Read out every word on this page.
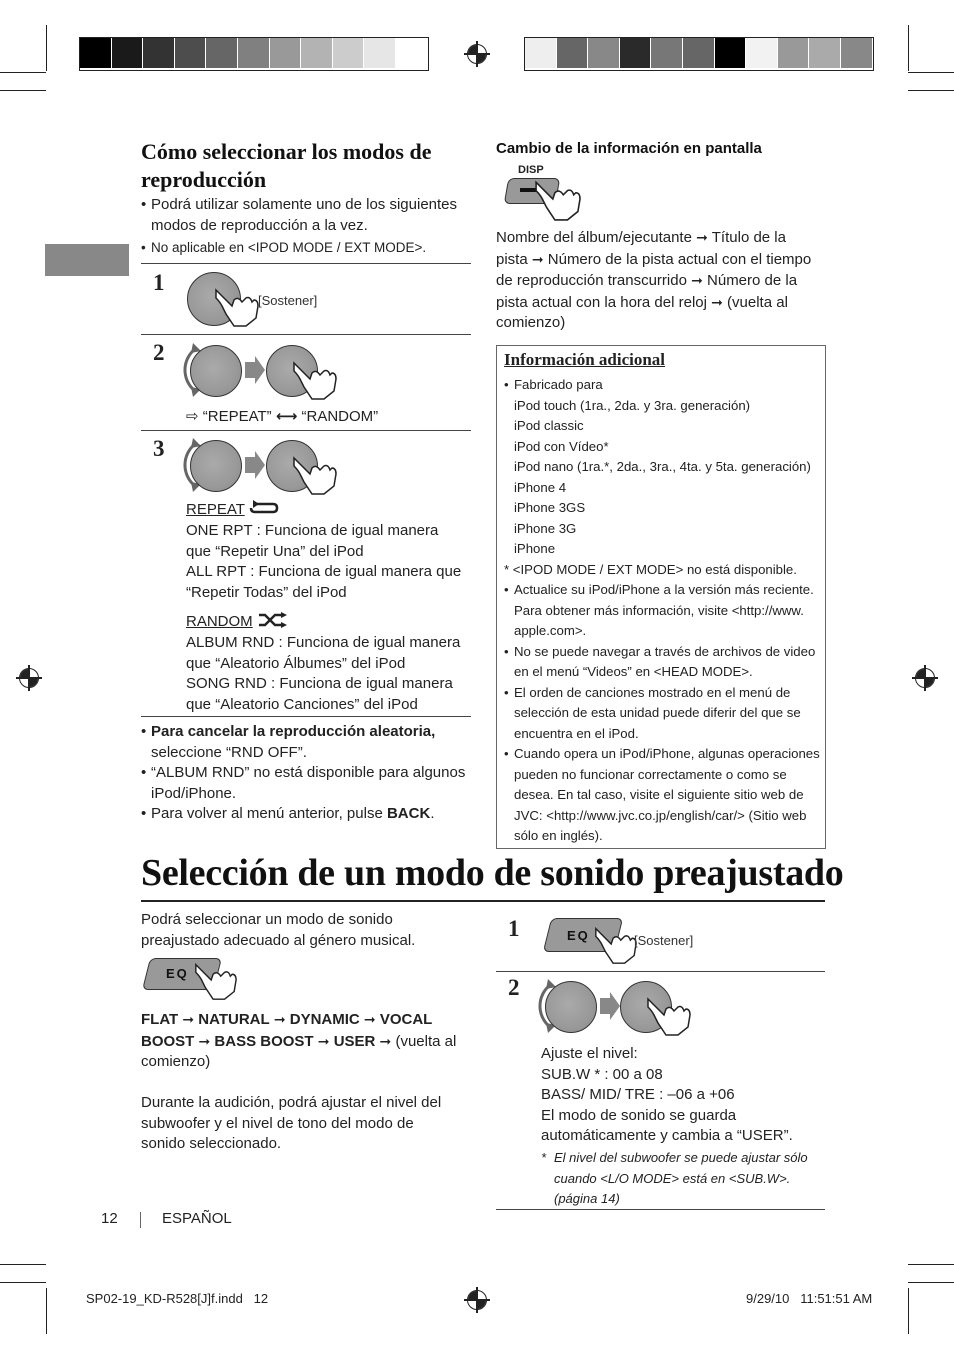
Cómo seleccionar los modos de reproducción
• Podrá utilizar solamente uno de los siguientes modos de reproducción a la vez.
• No aplicable en <IPOD MODE / EXT MODE>.
1
[Sostener]
2
⇨ “REPEAT” ⟷ “RANDOM”
3
REPEAT
ONE RPT : Funciona de igual manera que “Repetir Una” del iPod
ALL RPT : Funciona de igual manera que “Repetir Todas” del iPod
RANDOM
ALBUM RND : Funciona de igual manera que “Aleatorio Álbumes” del iPod
SONG RND : Funciona de igual manera que “Aleatorio Canciones” del iPod
• Para cancelar la reproducción aleatoria, seleccione “RND OFF”.
• “ALBUM RND” no está disponible para algunos iPod/iPhone.
• Para volver al menú anterior, pulse BACK.
Cambio de la información en pantalla
DISP
Nombre del álbum/ejecutante ➞ Título de la pista ➞ Número de la pista actual con el tiempo de reproducción transcurrido ➞ Número de la pista actual con la hora del reloj ➞ (vuelta al comienzo)
Información adicional
• Fabricado para
iPod touch (1ra., 2da. y 3ra. generación)
iPod classic
iPod con Vídeo*
iPod nano (1ra.*, 2da., 3ra., 4ta. y 5ta. generación)
iPhone 4
iPhone 3GS
iPhone 3G
iPhone
* <IPOD MODE / EXT MODE> no está disponible.
• Actualice su iPod/iPhone a la versión más reciente. Para obtener más información, visite <http://www. apple.com>.
• No se puede navegar a través de archivos de video en el menú “Videos” en <HEAD MODE>.
• El orden de canciones mostrado en el menú de selección de esta unidad puede diferir del que se encuentra en el iPod.
• Cuando opera un iPod/iPhone, algunas operaciones pueden no funcionar correctamente o como se desea. En tal caso, visite el siguiente sitio web de JVC: <http://www.jvc.co.jp/english/car/> (Sitio web sólo en inglés).
Selección de un modo de sonido preajustado
Podrá seleccionar un modo de sonido preajustado adecuado al género musical.
EQ
FLAT ➞ NATURAL ➞ DYNAMIC ➞ VOCAL BOOST ➞ BASS BOOST ➞ USER ➞ (vuelta al comienzo)
Durante la audición, podrá ajustar el nivel del subwoofer y el nivel de tono del modo de sonido seleccionado.
1	EQ	[Sostener]
2
Ajuste el nivel:
SUB.W * : 00 a 08
BASS/ MID/ TRE : –06 a +06
El modo de sonido se guarda automáticamente y cambia a “USER”.
* El nivel del subwoofer se puede ajustar sólo cuando <L/O MODE> está en <SUB.W>. (página 14)
12	ESPAÑOL
SP02-19_KD-R528[J]f.indd   12	9/29/10   11:51:51 AM
